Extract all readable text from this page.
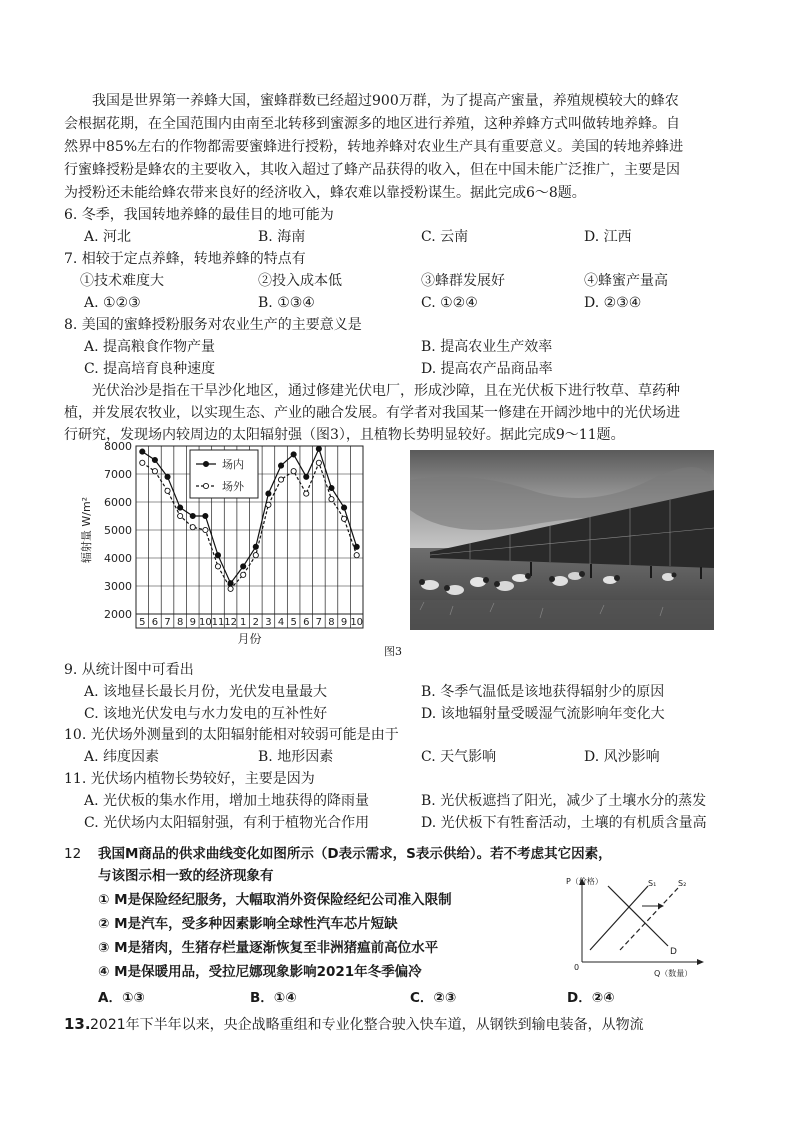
我国是世界第一养蜂大国，蜜蜂群数已经超过900万群，为了提高产蜜量，养殖规模较大的蜂农
会根据花期，在全国范围内由南至北转移到蜜源多的地区进行养殖，这种养蜂方式叫做转地养蜂。自
然界中85%左右的作物都需要蜜蜂进行授粉，转地养蜂对农业生产具有重要意义。美国的转地养蜂进
行蜜蜂授粉是蜂农的主要收入，其收入超过了蜂产品获得的收入，但在中国未能广泛推广，主要是因
为授粉还未能给蜂农带来良好的经济收入，蜂农难以靠授粉谋生。据此完成6～8题。
6. 冬季，我国转地养蜂的最佳目的地可能为
A. 河北	B. 海南	C. 云南	D. 江西
7. 相较于定点养蜂，转地养蜂的特点有
①技术难度大	②投入成本低	③蜂群发展好	④蜂蜜产量高
A. ①②③	B. ①③④	C. ①②④	D. ②③④
8. 美国的蜜蜂授粉服务对农业生产的主要意义是
A. 提高粮食作物产量	B. 提高农业生产效率
C. 提高培育良种速度	D. 提高农产品商品率
光伏治沙是指在干旱沙化地区，通过修建光伏电厂，形成沙障，且在光伏板下进行牧草、草药种
植，并发展农牧业，以实现生态、产业的融合发展。有学者对我国某一修建在开阔沙地中的光伏场进
行研究，发现场内较周边的太阳辐射强（图3），且植物长势明显较好。据此完成9～11题。
8000
7000
6000
5000
4000
3000
2000
5 6 7 8 9 10 11 12 1 2 3 4 5 6 7 8 9 10
月份
辐射量 W/m²
场内
场外
图3
9. 从统计图中可看出
A. 该地昼长最长月份，光伏发电量最大	B. 冬季气温低是该地获得辐射少的原因
C. 该地光伏发电与水力发电的互补性好	D. 该地辐射量受暖湿气流影响年变化大
10. 光伏场外测量到的太阳辐射能相对较弱可能是由于
A. 纬度因素	B. 地形因素	C. 天气影响	D. 风沙影响
11. 光伏场内植物长势较好，主要是因为
A. 光伏板的集水作用，增加土地获得的降雨量	B. 光伏板遮挡了阳光，减少了土壤水分的蒸发
C. 光伏场内太阳辐射强，有利于植物光合作用	D. 光伏板下有牲畜活动，土壤的有机质含量高
12 我国M商品的供求曲线变化如图所示（D表示需求，S表示供给）。若不考虑其它因素，
与该图示相一致的经济现象有
① M是保险经纪服务，大幅取消外资保险经纪公司准入限制
② M是汽车，受多种因素影响全球性汽车芯片短缺
③ M是猪肉，生猪存栏量逐渐恢复至非洲猪瘟前高位水平
④ M是保暖用品，受拉尼娜现象影响2021年冬季偏冷
A．①③	B．①④	C．②③	D．②④
P（价格）
0
Q（数量）
S₁	S₂
D
13. 2021年下半年以来，央企战略重组和专业化整合驶入快车道，从钢铁到输电装备，从物流
